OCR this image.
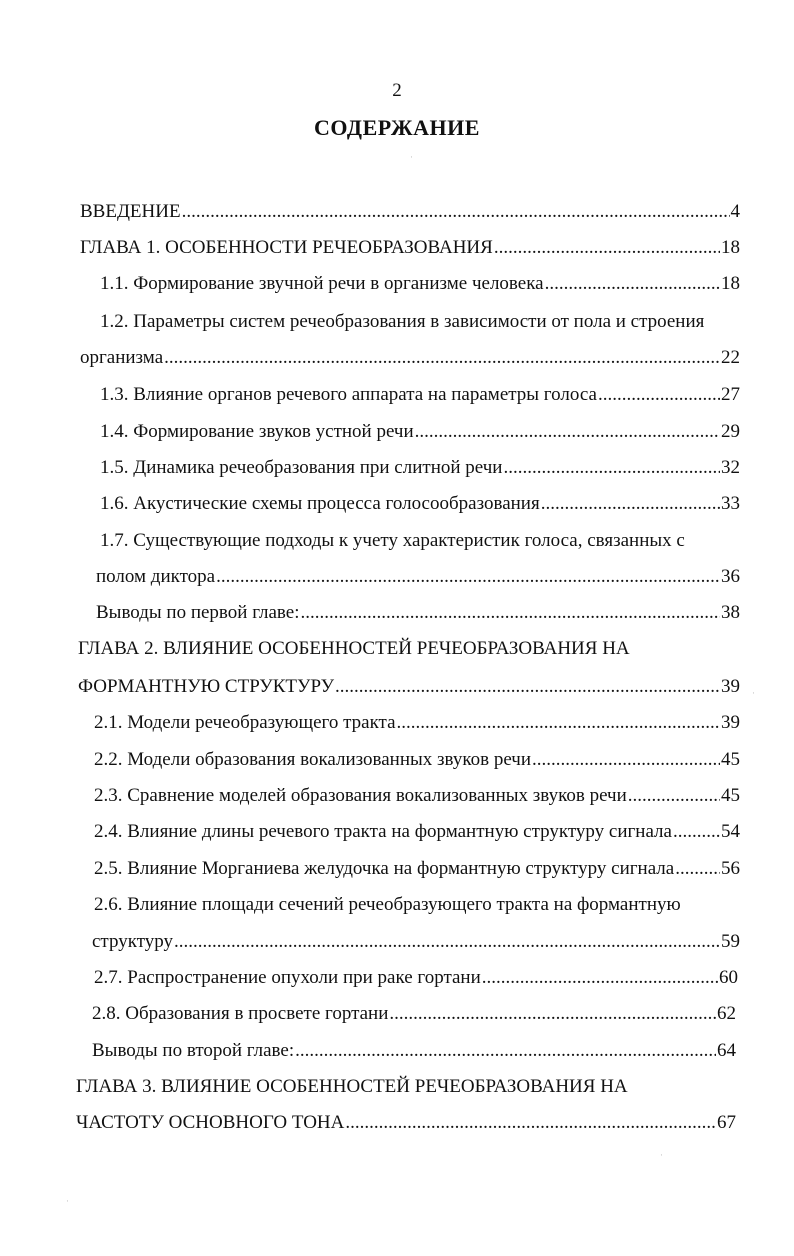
2
СОДЕРЖАНИЕ
ВВЕДЕНИЕ .....	4
ГЛАВА 1. ОСОБЕННОСТИ РЕЧЕОБРАЗОВАНИЯ .....	18
1.1. Формирование звучной речи в организме человека .....	18
1.2. Параметры систем речеобразования в зависимости от пола и строения
организма .....	22
1.3. Влияние органов речевого аппарата на параметры голоса .....	27
1.4. Формирование звуков устной речи .....	29
1.5. Динамика речеобразования при слитной речи .....	32
1.6. Акустические схемы процесса голосообразования .....	33
1.7. Существующие подходы к учету характеристик голоса, связанных с
полом диктора .....	36
Выводы по первой главе: .....	38
ГЛАВА 2. ВЛИЯНИЕ ОСОБЕННОСТЕЙ РЕЧЕОБРАЗОВАНИЯ НА
ФОРМАНТНУЮ СТРУКТУРУ .....	39
2.1. Модели речеобразующего тракта .....	39
2.2. Модели образования вокализованных звуков речи .....	45
2.3. Сравнение моделей образования вокализованных звуков речи .....	45
2.4. Влияние длины речевого тракта на формантную структуру сигнала .....	54
2.5. Влияние Морганиева желудочка на формантную структуру сигнала ..... 56
2.6. Влияние площади сечений речеобразующего тракта на формантную
структуру .....	59
2.7. Распространение опухоли при раке гортани .....	60
2.8. Образования в просвете гортани .....	62
Выводы по второй главе: .....	64
ГЛАВА 3. ВЛИЯНИЕ ОСОБЕННОСТЕЙ РЕЧЕОБРАЗОВАНИЯ НА
ЧАСТОТУ ОСНОВНОГО ТОНА .....	67
·
·
·
·
